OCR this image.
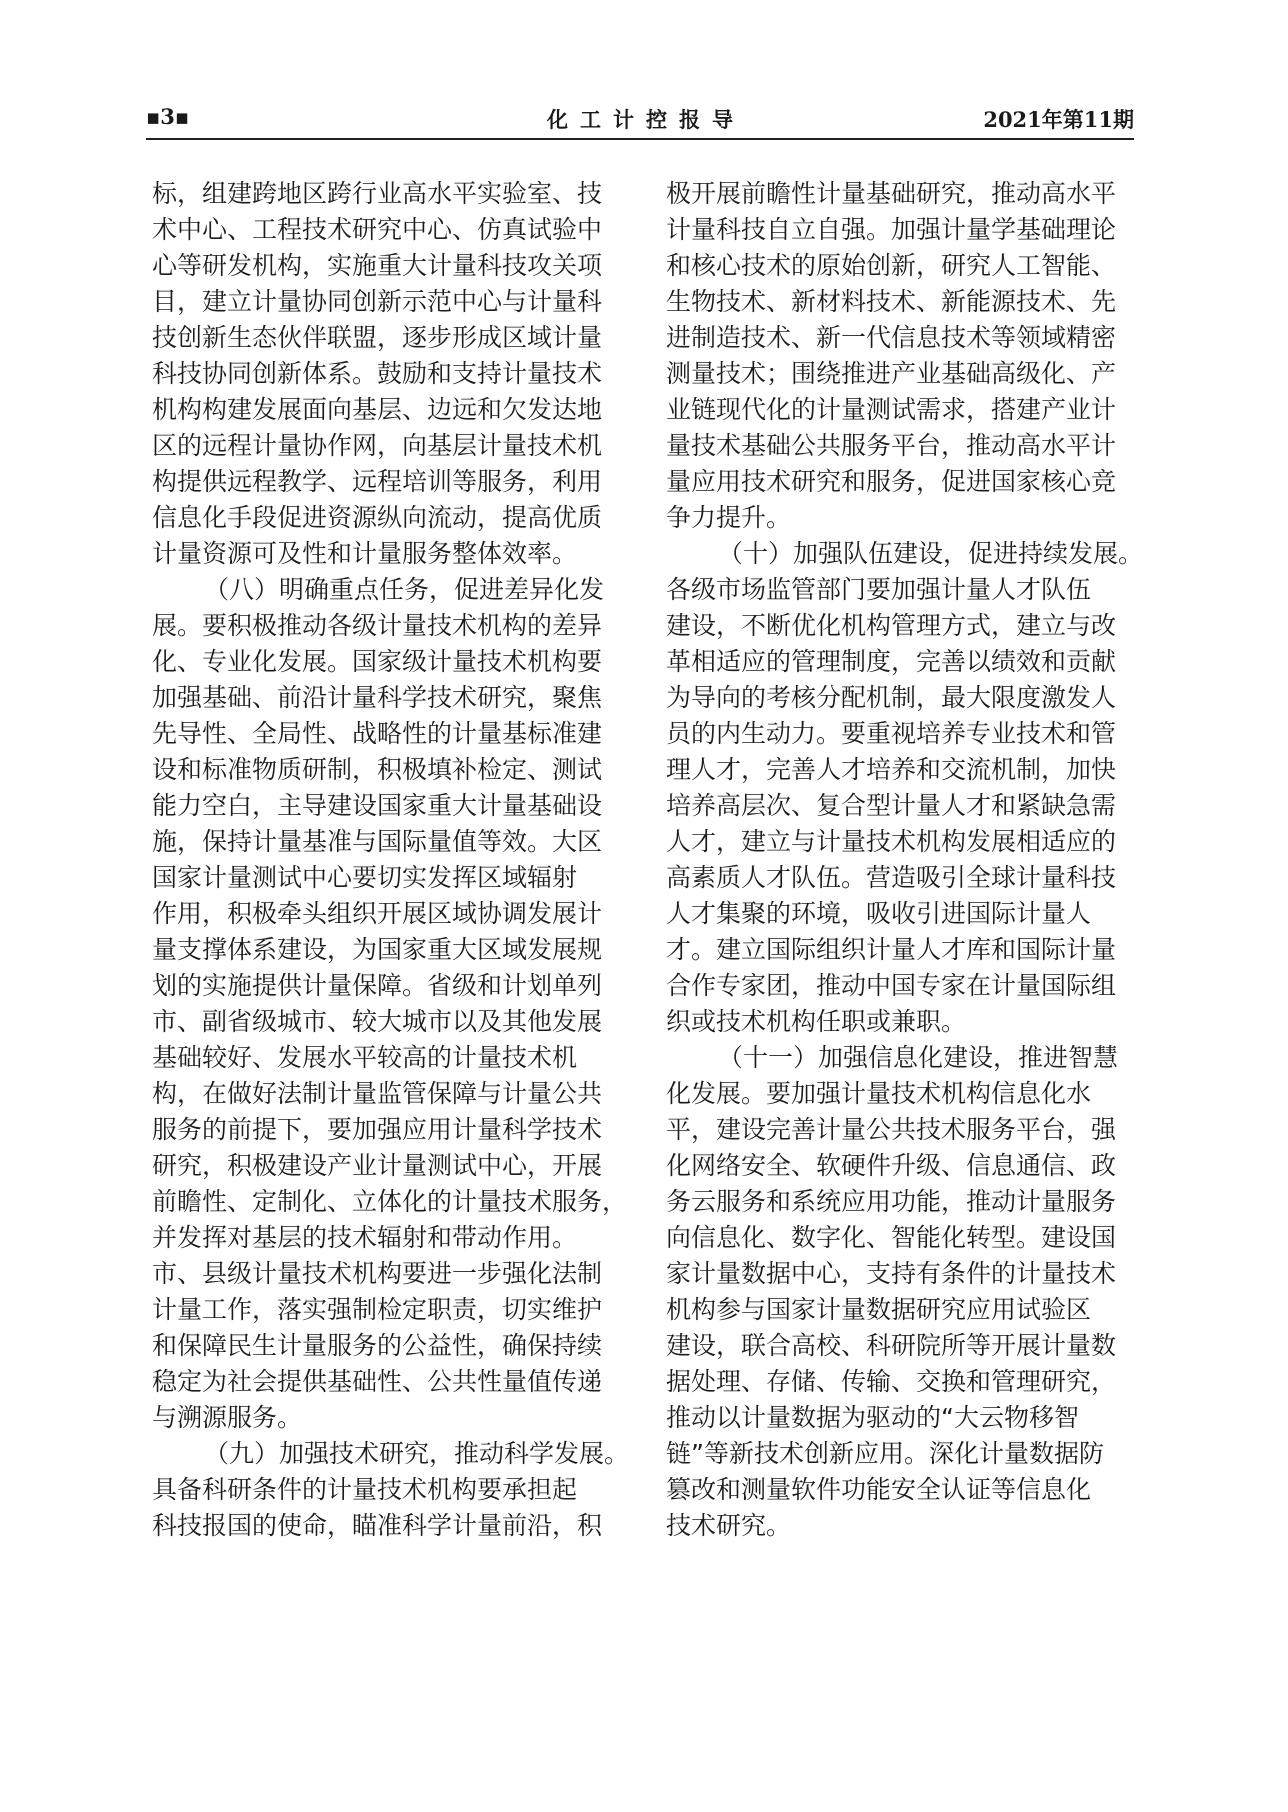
▪3▪	化工计控报导	2021年第11期
标，组建跨地区跨行业高水平实验室、技
术中心、工程技术研究中心、仿真试验中
心等研发机构，实施重大计量科技攻关项
目，建立计量协同创新示范中心与计量科
技创新生态伙伴联盟，逐步形成区域计量
科技协同创新体系。鼓励和支持计量技术
机构构建发展面向基层、边远和欠发达地
区的远程计量协作网，向基层计量技术机
构提供远程教学、远程培训等服务，利用
信息化手段促进资源纵向流动，提高优质
计量资源可及性和计量服务整体效率。
（八）明确重点任务，促进差异化发
展。要积极推动各级计量技术机构的差异
化、专业化发展。国家级计量技术机构要
加强基础、前沿计量科学技术研究，聚焦
先导性、全局性、战略性的计量基标准建
设和标准物质研制，积极填补检定、测试
能力空白，主导建设国家重大计量基础设
施，保持计量基准与国际量值等效。大区
国家计量测试中心要切实发挥区域辐射
作用，积极牵头组织开展区域协调发展计
量支撑体系建设，为国家重大区域发展规
划的实施提供计量保障。省级和计划单列
市、副省级城市、较大城市以及其他发展
基础较好、发展水平较高的计量技术机
构，在做好法制计量监管保障与计量公共
服务的前提下，要加强应用计量科学技术
研究，积极建设产业计量测试中心，开展
前瞻性、定制化、立体化的计量技术服务，
并发挥对基层的技术辐射和带动作用。
市、县级计量技术机构要进一步强化法制
计量工作，落实强制检定职责，切实维护
和保障民生计量服务的公益性，确保持续
稳定为社会提供基础性、公共性量值传递
与溯源服务。
（九）加强技术研究，推动科学发展。
具备科研条件的计量技术机构要承担起
科技报国的使命，瞄准科学计量前沿，积
极开展前瞻性计量基础研究，推动高水平
计量科技自立自强。加强计量学基础理论
和核心技术的原始创新，研究人工智能、
生物技术、新材料技术、新能源技术、先
进制造技术、新一代信息技术等领域精密
测量技术；围绕推进产业基础高级化、产
业链现代化的计量测试需求，搭建产业计
量技术基础公共服务平台，推动高水平计
量应用技术研究和服务，促进国家核心竞
争力提升。
（十）加强队伍建设，促进持续发展。
各级市场监管部门要加强计量人才队伍
建设，不断优化机构管理方式，建立与改
革相适应的管理制度，完善以绩效和贡献
为导向的考核分配机制，最大限度激发人
员的内生动力。要重视培养专业技术和管
理人才，完善人才培养和交流机制，加快
培养高层次、复合型计量人才和紧缺急需
人才，建立与计量技术机构发展相适应的
高素质人才队伍。营造吸引全球计量科技
人才集聚的环境，吸收引进国际计量人
才。建立国际组织计量人才库和国际计量
合作专家团，推动中国专家在计量国际组
织或技术机构任职或兼职。
（十一）加强信息化建设，推进智慧
化发展。要加强计量技术机构信息化水
平，建设完善计量公共技术服务平台，强
化网络安全、软硬件升级、信息通信、政
务云服务和系统应用功能，推动计量服务
向信息化、数字化、智能化转型。建设国
家计量数据中心，支持有条件的计量技术
机构参与国家计量数据研究应用试验区
建设，联合高校、科研院所等开展计量数
据处理、存储、传输、交换和管理研究，
推动以计量数据为驱动的“大云物移智
链”等新技术创新应用。深化计量数据防
篡改和测量软件功能安全认证等信息化
技术研究。
